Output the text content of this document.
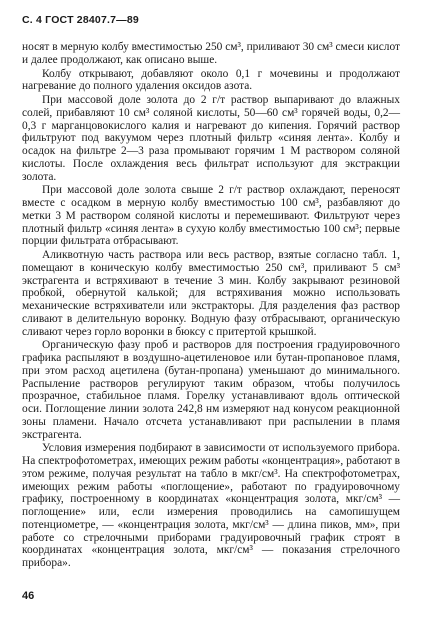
С. 4 ГОСТ 28407.7—89

носят в мерную колбу вместимостью 250 см³, приливают 30 см³ смеси кислот и далее продолжают, как описано выше.

Колбу открывают, добавляют около 0,1 г мочевины и продолжают нагревание до полного удаления оксидов азота.

При массовой доле золота до 2 г/т раствор выпаривают до влажных солей, прибавляют 10 см³ соляной кислоты, 50—60 см³ горячей воды, 0,2—0,3 г марганцовокислого калия и нагревают до кипения. Горячий раствор фильтруют под вакуумом через плотный фильтр «синяя лента». Колбу и осадок на фильтре 2—3 раза промывают горячим 1 М раствором соляной кислоты. После охлаждения весь фильтрат используют для экстракции золота.

При массовой доле золота свыше 2 г/т раствор охлаждают, переносят вместе с осадком в мерную колбу вместимостью 100 см³, разбавляют до метки 3 М раствором соляной кислоты и перемешивают. Фильтруют через плотный фильтр «синяя лента» в сухую колбу вместимостью 100 см³; первые порции фильтрата отбрасывают.

Аликвотную часть раствора или весь раствор, взятые согласно табл. 1, помещают в коническую колбу вместимостью 250 см³, приливают 5 см³ экстрагента и встряхивают в течение 3 мин. Колбу закрывают резиновой пробкой, обернутой калькой; для встряхивания можно использовать механические встряхиватели или экстракторы. Для разделения фаз раствор сливают в делительную воронку. Водную фазу отбрасывают, органическую сливают через горло воронки в бюксу с притертой крышкой.

Органическую фазу проб и растворов для построения градуировочного графика распыляют в воздушно-ацетиленовое или бутан-пропановое пламя, при этом расход ацетилена (бутан-пропана) уменьшают до минимального. Распыление растворов регулируют таким образом, чтобы получилось прозрачное, стабильное пламя. Горелку устанавливают вдоль оптической оси. Поглощение линии золота 242,8 нм измеряют над конусом реакционной зоны пламени. Начало отсчета устанавливают при распылении в пламя экстрагента.

Условия измерения подбирают в зависимости от используемого прибора. На спектрофотометрах, имеющих режим работы «концентрация», работают в этом режиме, получая результат на табло в мкг/см³. На спектрофотометрах, имеющих режим работы «поглощение», работают по градуировочному графику, построенному в координатах «концентрация золота, мкг/см³ — поглощение» или, если измерения проводились на самопишущем потенциометре, — «концентрация золота, мкг/см³ — длина пиков, мм», при работе со стрелочными приборами градуировочный график строят в координатах «концентрация золота, мкг/см³ — показания стрелочного прибора».

46
